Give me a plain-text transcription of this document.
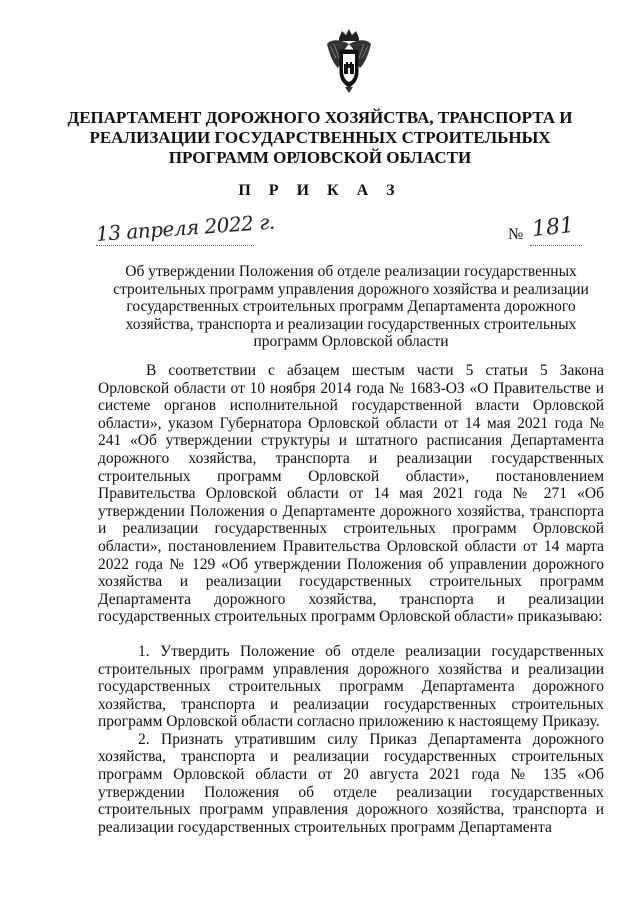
ДЕПАРТАМЕНТ ДОРОЖНОГО ХОЗЯЙСТВА, ТРАНСПОРТА И РЕАЛИЗАЦИИ ГОСУДАРСТВЕННЫХ СТРОИТЕЛЬНЫХ ПРОГРАММ ОРЛОВСКОЙ ОБЛАСТИ
П Р И К А З
13 апреля 2022 г.	№ 181
Об утверждении Положения об отделе реализации государственных строительных программ управления дорожного хозяйства и реализации государственных строительных программ Департамента дорожного хозяйства, транспорта и реализации государственных строительных программ Орловской области

В соответствии с абзацем шестым части 5 статьи 5 Закона Орловской области от 10 ноября 2014 года № 1683-ОЗ «О Правительстве и системе органов исполнительной государственной власти Орловской области», указом Губернатора Орловской области от 14 мая 2021 года № 241 «Об утверждении структуры и штатного расписания Департамента дорожного хозяйства, транспорта и реализации государственных строительных программ Орловской области», постановлением Правительства Орловской области от 14 мая 2021 года № 271 «Об утверждении Положения о Департаменте дорожного хозяйства, транспорта и реализации государственных строительных программ Орловской области», постановлением Правительства Орловской области от 14 марта 2022 года № 129 «Об утверждении Положения об управлении дорожного хозяйства и реализации государственных строительных программ Департамента дорожного хозяйства, транспорта и реализации государственных строительных программ Орловской области» приказываю:

1. Утвердить Положение об отделе реализации государственных строительных программ управления дорожного хозяйства и реализации государственных строительных программ Департамента дорожного хозяйства, транспорта и реализации государственных строительных программ Орловской области согласно приложению к настоящему Приказу.

2. Признать утратившим силу Приказ Департамента дорожного хозяйства, транспорта и реализации государственных строительных программ Орловской области от 20 августа 2021 года № 135 «Об утверждении Положения об отделе реализации государственных строительных программ управления дорожного хозяйства, транспорта и реализации государственных строительных программ Департамента
